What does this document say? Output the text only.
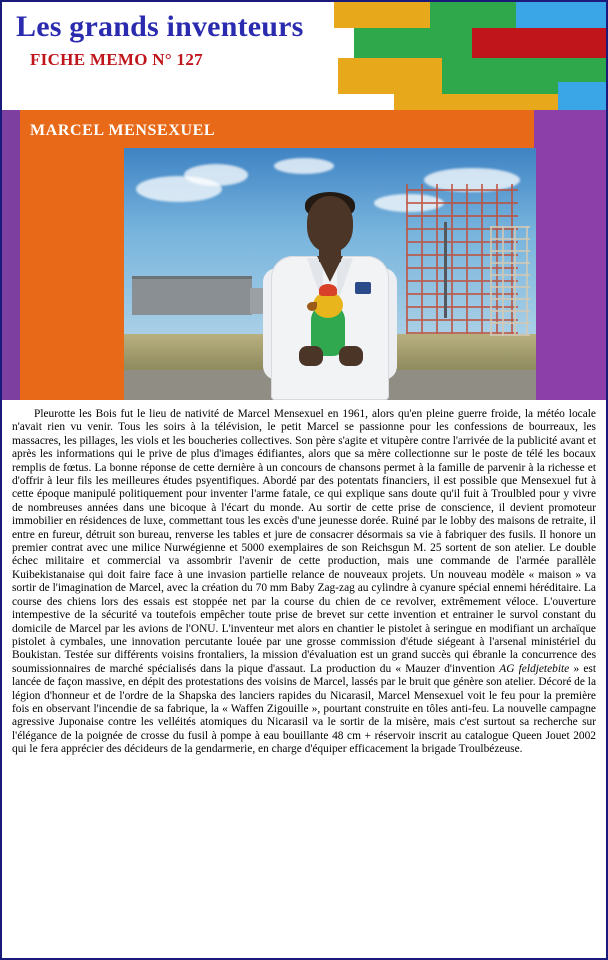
Les grands inventeurs
FICHE MEMO N° 127
MARCEL MENSEXUEL

Pleurotte les Bois fut le lieu de nativité de Marcel Mensexuel en 1961, alors qu'en pleine guerre froide, la météo locale n'avait rien vu venir. Tous les soirs à la télévision, le petit Marcel se passionne pour les confessions de bourreaux, les massacres, les pillages, les viols et les boucheries collectives. Son père s'agite et vitupère contre l'arrivée de la publicité avant et après les informations qui le prive de plus d'images édifiantes, alors que sa mère collectionne sur le poste de télé les bocaux remplis de fœtus. La bonne réponse de cette dernière à un concours de chansons permet à la famille de parvenir à la richesse et d'offrir à leur fils les meilleures études psyentifiques. Abordé par des potentats financiers, il est possible que Mensexuel fut à cette époque manipulé politiquement pour inventer l'arme fatale, ce qui explique sans doute qu'il fuit à Troulbled pour y vivre de nombreuses années dans une bicoque à l'écart du monde. Au sortir de cette prise de conscience, il devient promoteur immobilier en résidences de luxe, commettant tous les excès d'une jeunesse dorée. Ruiné par le lobby des maisons de retraite, il entre en fureur, détruit son bureau, renverse les tables et jure de consacrer désormais sa vie à fabriquer des fusils. Il honore un premier contrat avec une milice Nurwégienne et 5000 exemplaires de son Reichsgun M. 25 sortent de son atelier. Le double échec militaire et commercial va assombrir l'avenir de cette production, mais une commande de l'armée parallèle Kuibekistanaise qui doit faire face à une invasion partielle relance de nouveaux projets. Un nouveau modèle « maison » va sortir de l'imagination de Marcel, avec la création du 70 mm Baby Zag-zag au cylindre à cyanure spécial ennemi héréditaire. La course des chiens lors des essais est stoppée net par la course du chien de ce revolver, extrêmement véloce. L'ouverture intempestive de la sécurité va toutefois empêcher toute prise de brevet sur cette invention et entrainer le survol constant du domicile de Marcel par les avions de l'ONU. L'inventeur met alors en chantier le pistolet à seringue en modifiant un archaïque pistolet à cymbales, une innovation percutante louée par une grosse commission d'étude siégeant à l'arsenal ministériel du Boukistan. Testée sur différents voisins frontaliers, la mission d'évaluation est un grand succès qui ébranle la concurrence des soumissionnaires de marché spécialisés dans la pique d'assaut. La production du « Mauzer d'invention AG feldjetebite » est lancée de façon massive, en dépit des protestations des voisins de Marcel, lassés par le bruit que génère son atelier. Décoré de la légion d'honneur et de l'ordre de la Shapska des lanciers rapides du Nicarasil, Marcel Mensexuel voit le feu pour la première fois en observant l'incendie de sa fabrique, la « Waffen Zigouille », pourtant construite en tôles anti-feu. La nouvelle campagne agressive Juponaise contre les velléités atomiques du Nicarasil va le sortir de la misère, mais c'est surtout sa recherche sur l'élégance de la poignée de crosse du fusil à pompe à eau bouillante 48 cm + réservoir inscrit au catalogue Queen Jouet 2002 qui le fera apprécier des décideurs de la gendarmerie, en charge d'équiper efficacement la brigade Troulbézeuse.
